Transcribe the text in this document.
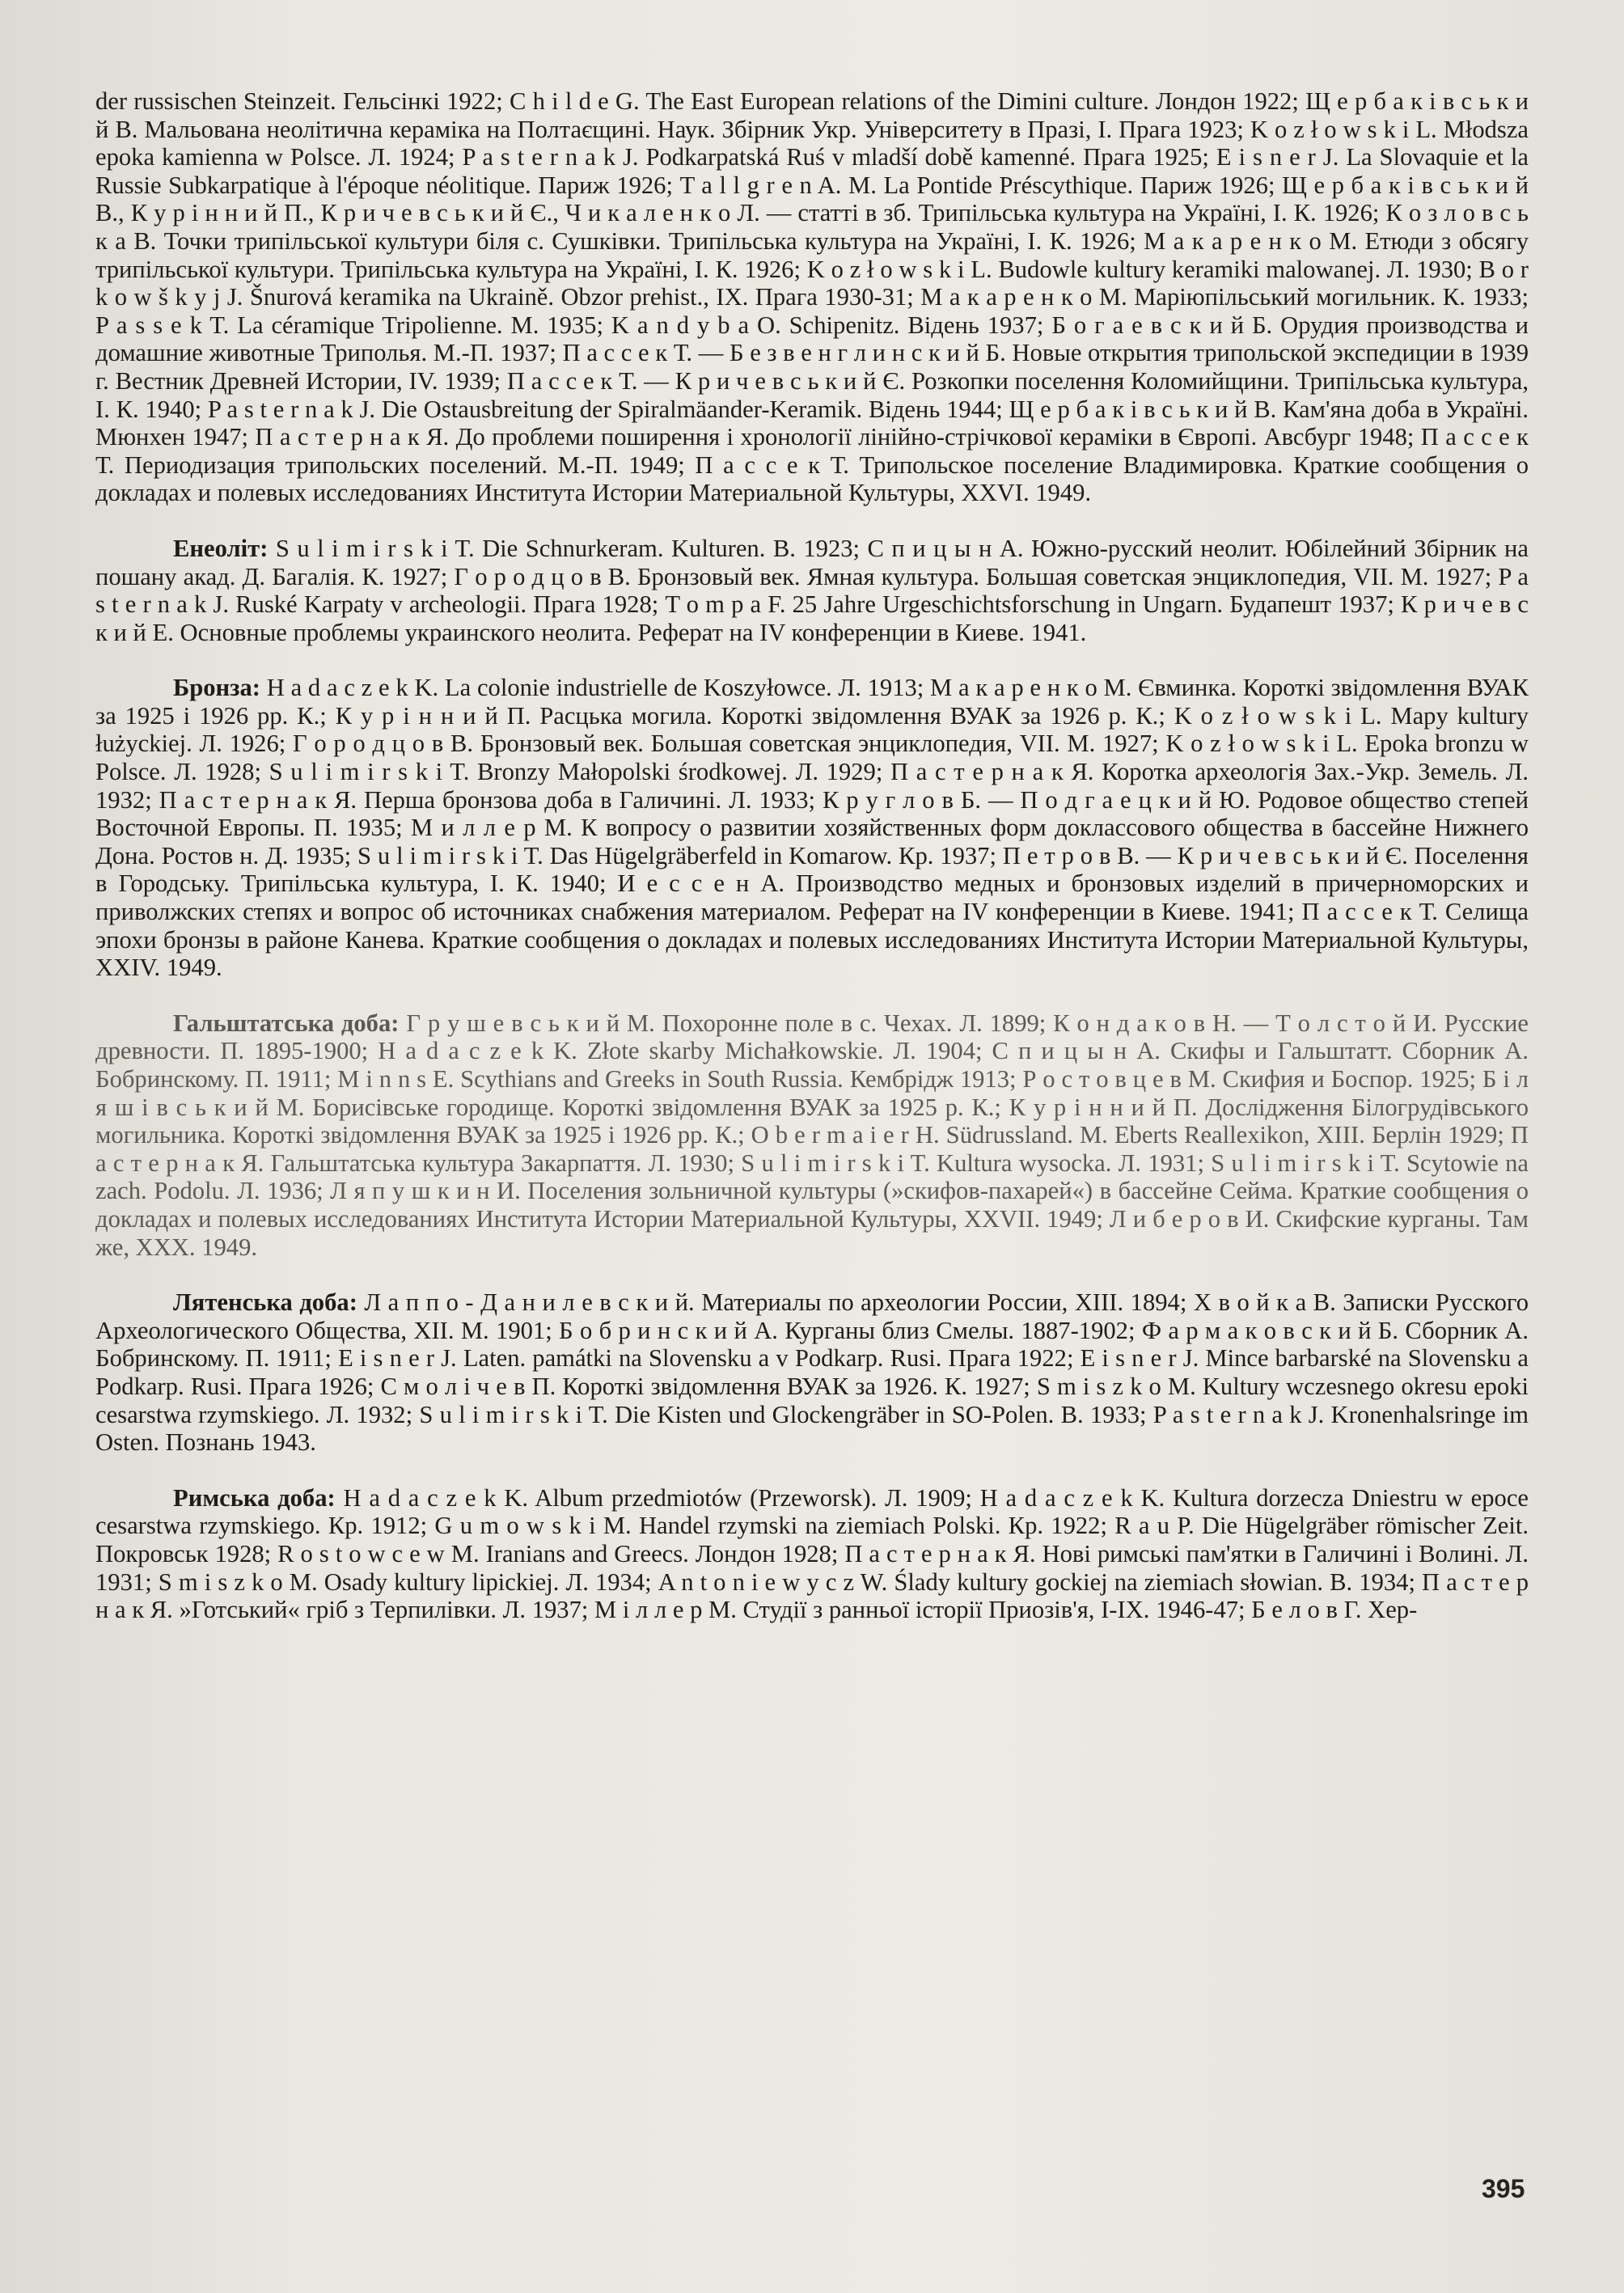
der russischen Steinzeit. Гельсінкі 1922; C h i l d e G. The East European relations of the Dimini culture. Лондон 1922; Щ е р б а к і в с ь к и й В. Мальована неолітична кераміка на Полтаєщині. Наук. Збірник Укр. Університету в Празі, І. Прага 1923; K o z ł o w s k i L. Młodsza epoka kamienna w Polsce. Л. 1924; P a s t e r n a k J. Podkarpatská Ruś v mladší době kamenné. Прага 1925; E i s n e r J. La Slovaquie et la Russie Subkarpatique à l'époque néolitique. Париж 1926; T a l l g r e n A. M. La Pontide Préscythique. Париж 1926; Щ е р б а к і в с ь к и й В., К у р і н н и й П., К р и ч е в с ь к и й Є., Ч и к а л е н к о Л. — статті в зб. Трипільська культура на Україні, І. К. 1926; К о з л о в с ь к а В. Точки трипільської культури біля с. Сушківки. Трипільська культура на Україні, І. К. 1926; М а к а р е н к о М. Етюди з обсягу трипільської культури. Трипільська культура на Україні, І. К. 1926; K o z ł o w s k i L. Budowle kultury keramiki malowanej. Л. 1930; B o r k o w š k y j J. Šnurová keramika na Ukraině. Obzor prehist., IX. Прага 1930-31; М а к а р е н к о М. Маріюпільський могильник. К. 1933; P a s s e k T. La céramique Tripolienne. М. 1935; K a n d y b a O. Schipenitz. Відень 1937; Б о г а е в с к и й Б. Орудия производства и домашние животные Триполья. М.-П. 1937; П а с с е к Т. — Б е з в е н г л и н с к и й Б. Новые открытия трипольской экспедиции в 1939 г. Вестник Древней Истории, IV. 1939; П а с с е к Т. — К р и ч е в с ь к и й Є. Розкопки поселення Коломийщини. Трипільська культура, І. К. 1940; P a s t e r n a k J. Die Ostausbreitung der Spiralmäander-Keramik. Відень 1944; Щ е р б а к і в с ь к и й В. Кам'яна доба в Україні. Мюнхен 1947; П а с т е р н а к Я. До проблеми поширення і хронології лінійно-стрічкової кераміки в Європі. Авсбург 1948; П а с с е к Т. Периодизация трипольских поселений. М.-П. 1949; П а с с е к Т. Трипольское поселение Владимировка. Краткие сообщения о докладах и полевых исследованиях Института Истории Материальной Культуры, XXVI. 1949.

Енеоліт: S u l i m i r s k i T. Die Schnurkeram. Kulturen. B. 1923; С п и ц ы н А. Южно-русский неолит. Юбілейний Збірник на пошану акад. Д. Багалія. К. 1927; Г о р о д ц о в В. Бронзовый век. Ямная культура. Большая советская энциклопедия, VII. М. 1927; P a s t e r n a k J. Ruské Karpaty v archeologii. Прага 1928; T o m p a F. 25 Jahre Urgeschichtsforschung in Ungarn. Будапешт 1937; К р и ч е в с к и й Е. Основные проблемы украинского неолита. Реферат на IV конференции в Киеве. 1941.

Бронза: H a d a c z e k K. La colonie industrielle de Koszyłowce. Л. 1913; М а к а р е н к о М. Євминка. Короткі звідомлення ВУАК за 1925 і 1926 рр. К.; К у р і н н и й П. Расцька могила. Короткі звідомлення ВУАК за 1926 р. К.; K o z ł o w s k i L. Mapy kultury łużyckiej. Л. 1926; Г о р о д ц о в В. Бронзовый век. Большая советская энциклопедия, VII. М. 1927; K o z ł o w s k i L. Epoka bronzu w Polsce. Л. 1928; S u l i m i r s k i T. Bronzy Małopolski środkowej. Л. 1929; П а с т е р н а к Я. Коротка археологія Зах.-Укр. Земель. Л. 1932; П а с т е р н а к Я. Перша бронзова доба в Галичині. Л. 1933; К р у г л о в Б. — П о д г а е ц к и й Ю. Родовое общество степей Восточной Европы. П. 1935; М и л л е р М. К вопросу о развитии хозяйственных форм доклассового общества в бассейне Нижнего Дона. Ростов н. Д. 1935; S u l i m i r s k i T. Das Hügelgräberfeld in Komarow. Кр. 1937; П е т р о в В. — К р и ч е в с ь к и й Є. Поселення в Городську. Трипільська культура, І. К. 1940; И е с с е н А. Производство медных и бронзовых изделий в причерноморских и приволжских степях и вопрос об источниках снабжения материалом. Реферат на IV конференции в Киеве. 1941; П а с с е к Т. Селища эпохи бронзы в районе Канева. Краткие сообщения о докладах и полевых исследованиях Института Истории Материальной Культуры, XXIV. 1949.

Гальштатська доба: Г р у ш е в с ь к и й М. Похоронне поле в с. Чехах. Л. 1899; К о н д а к о в Н. — Т о л с т о й И. Русские древности. П. 1895-1900; H a d a c z e k K. Złote skarby Michałkowskie. Л. 1904; С п и ц ы н А. Скифы и Гальштатт. Сборник А. Бобринскому. П. 1911; M i n n s E. Scythians and Greeks in South Russia. Кембрідж 1913; Р о с т о в ц е в М. Скифия и Боспор. 1925; Б і л я ш і в с ь к и й М. Борисівське городище. Короткі звідомлення ВУАК за 1925 р. К.; К у р і н н и й П. Дослідження Білогрудівського могильника. Короткі звідомлення ВУАК за 1925 і 1926 рр. К.; O b e r m a i e r H. Südrussland. M. Eberts Reallexikon, XIII. Берлін 1929; П а с т е р н а к Я. Гальштатська культура Закарпаття. Л. 1930; S u l i m i r s k i T. Kultura wysocka. Л. 1931; S u l i m i r s k i T. Scytowie na zach. Podolu. Л. 1936; Л я п у ш к и н И. Поселения зольничной культуры (»скифов-пахарей«) в бассейне Сейма. Краткие сообщения о докладах и полевых исследованиях Института Истории Материальной Культуры, XXVII. 1949; Л и б е р о в И. Скифские курганы. Там же, XXX. 1949.

Лятенська доба: Л а п п о - Д а н и л е в с к и й. Материалы по археологии России, XIII. 1894; Х в о й к а В. Записки Русского Археологического Общества, XII. М. 1901; Б о б р и н с к и й А. Курганы близ Смелы. 1887-1902; Ф а р м а к о в с к и й Б. Сборник А. Бобринскому. П. 1911; E i s n e r J. Laten. památki na Slovensku a v Podkarp. Rusi. Прага 1922; E i s n e r J. Mince barbarské na Slovensku a Podkarp. Rusi. Прага 1926; С м о л і ч е в П. Короткі звідомлення ВУАК за 1926. К. 1927; S m i s z k o M. Kultury wczesnego okresu epoki cesarstwa rzymskiego. Л. 1932; S u l i m i r s k i T. Die Kisten und Glockengräber in SO-Polen. B. 1933; P a s t e r n a k J. Kronenhalsringe im Osten. Познань 1943.

Римська доба: H a d a c z e k K. Album przedmiotów (Przeworsk). Л. 1909; H a d a c z e k K. Kultura dorzecza Dniestru w epoce cesarstwa rzymskiego. Кр. 1912; G u m o w s k i M. Handel rzymski na ziemiach Polski. Кр. 1922; R a u P. Die Hügelgräber römischer Zeit. Покровськ 1928; R o s t o w c e w M. Iranians and Greecs. Лондон 1928; П а с т е р н а к Я. Нові римські пам'ятки в Галичині і Волині. Л. 1931; S m i s z k o M. Osady kultury lipickiej. Л. 1934; A n t o n i e w y c z W. Ślady kultury gockiej na ziemiach słowian. B. 1934; П а с т е р н а к Я. »Готський« гріб з Терпилівки. Л. 1937; М і л л е р М. Студії з ранньої історії Приозів'я, I-IX. 1946-47; Б е л о в Г. Хер-

395
